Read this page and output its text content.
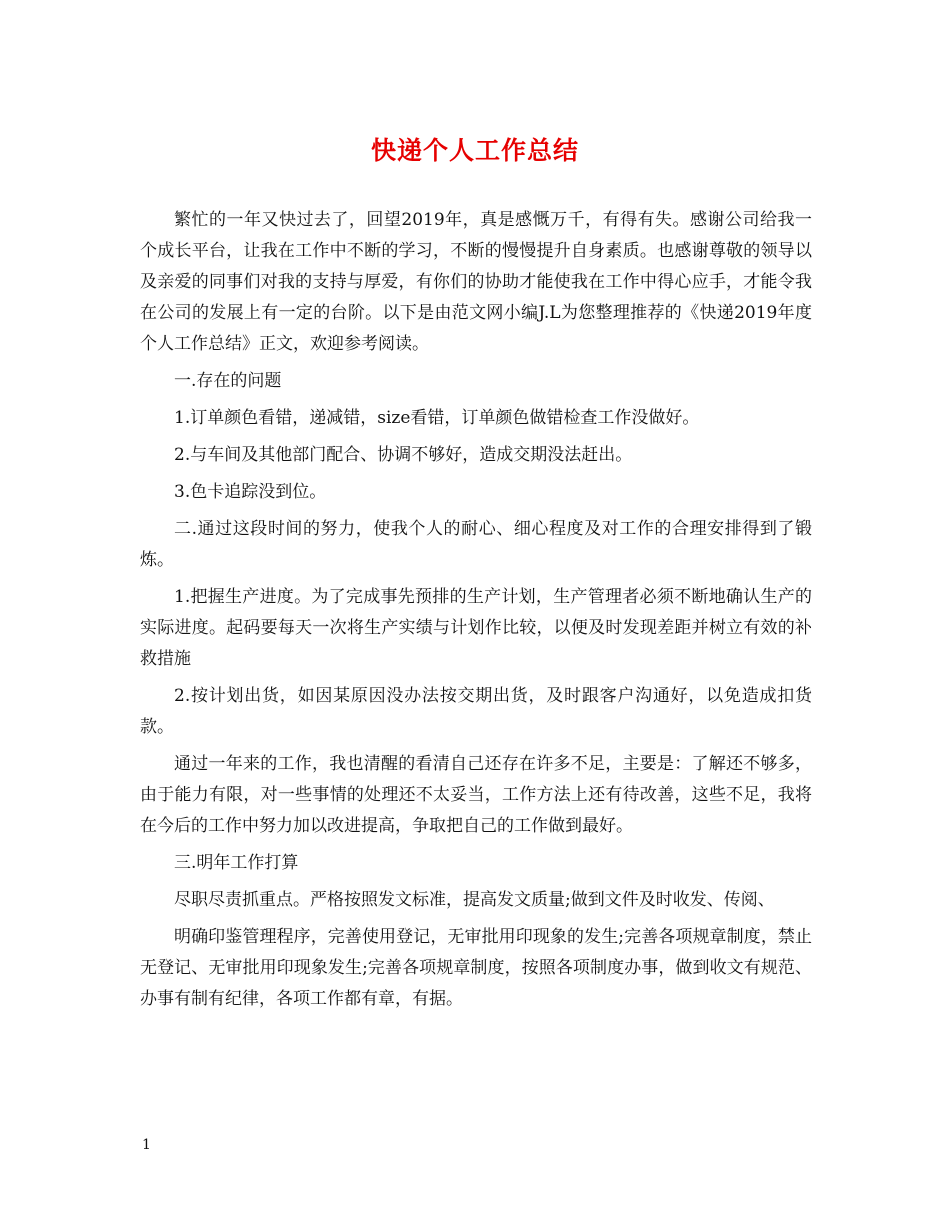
快递个人工作总结

繁忙的一年又快过去了，回望2019年，真是感慨万千，有得有失。感谢公司给我一个成长平台，让我在工作中不断的学习，不断的慢慢提升自身素质。也感谢尊敬的领导以及亲爱的同事们对我的支持与厚爱，有你们的协助才能使我在工作中得心应手，才能令我在公司的发展上有一定的台阶。以下是由范文网小编J.L为您整理推荐的《快递2019年度个人工作总结》正文，欢迎参考阅读。

一.存在的问题

1.订单颜色看错，递减错，size看错，订单颜色做错检查工作没做好。

2.与车间及其他部门配合、协调不够好，造成交期没法赶出。

3.色卡追踪没到位。

二.通过这段时间的努力，使我个人的耐心、细心程度及对工作的合理安排得到了锻炼。

1.把握生产进度。为了完成事先预排的生产计划，生产管理者必须不断地确认生产的实际进度。起码要每天一次将生产实绩与计划作比较，以便及时发现差距并树立有效的补救措施

2.按计划出货，如因某原因没办法按交期出货，及时跟客户沟通好，以免造成扣货款。

通过一年来的工作，我也清醒的看清自己还存在许多不足，主要是：了解还不够多，由于能力有限，对一些事情的处理还不太妥当，工作方法上还有待改善，这些不足，我将在今后的工作中努力加以改进提高，争取把自己的工作做到最好。

三.明年工作打算

尽职尽责抓重点。严格按照发文标准，提高发文质量;做到文件及时收发、传阅、

明确印鉴管理程序，完善使用登记，无审批用印现象的发生;完善各项规章制度，禁止无登记、无审批用印现象发生;完善各项规章制度，按照各项制度办事，做到收文有规范、办事有制有纪律，各项工作都有章，有据。

1
